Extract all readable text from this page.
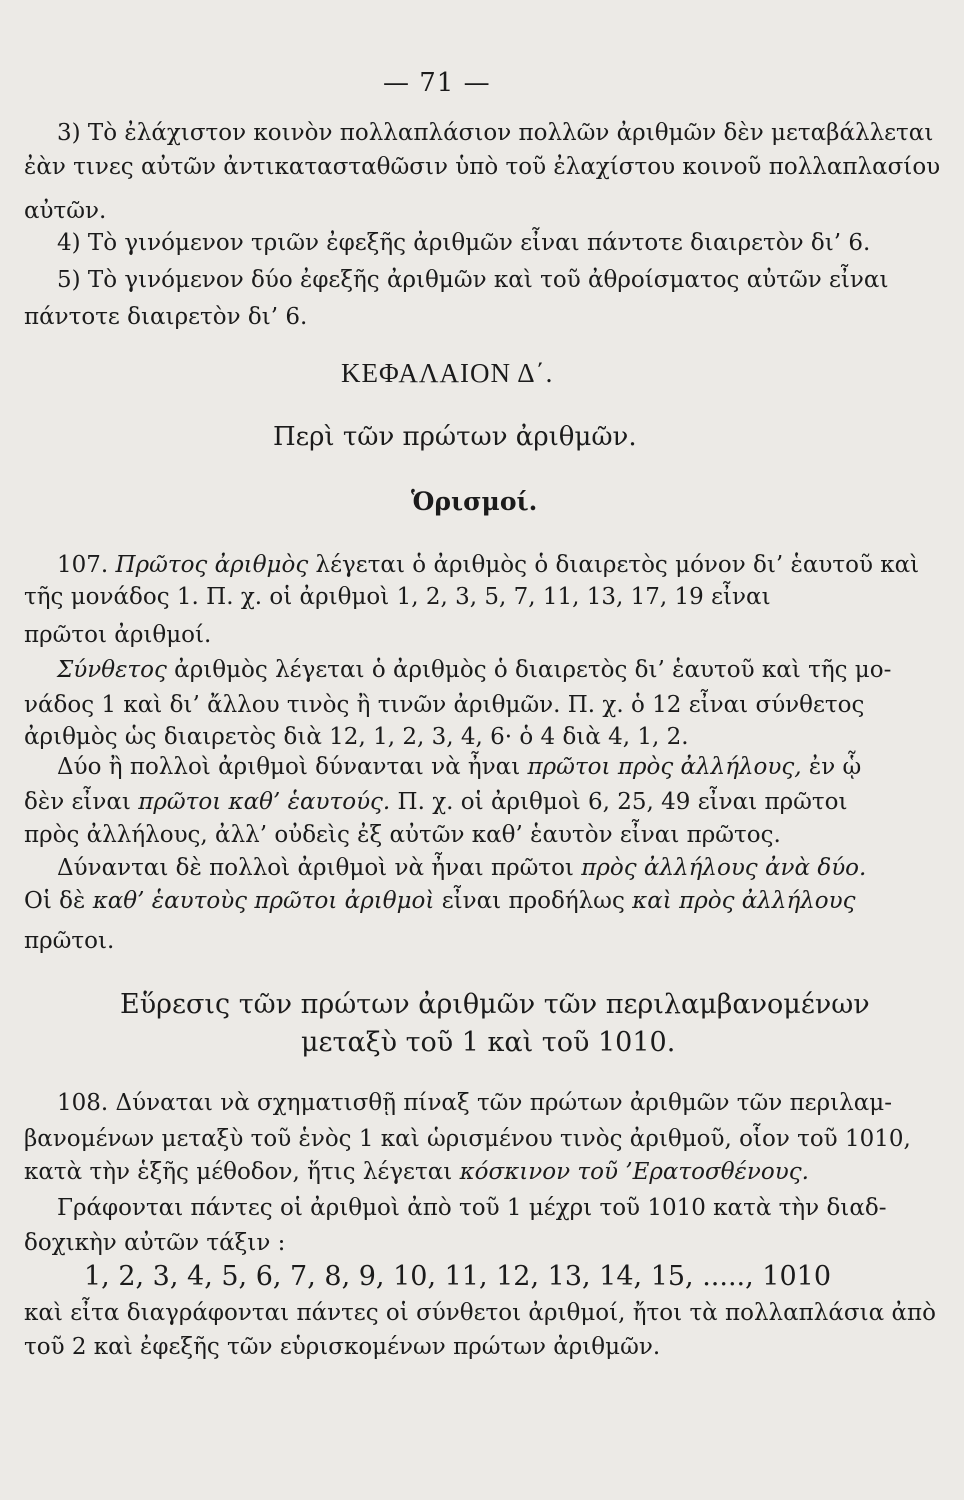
— 71 —
3) Τὸ ἐλάχιστον κοινὸν πολλαπλάσιον πολλῶν ἀριθμῶν δὲν μεταβάλλεται
ἐὰν τινες αὐτῶν ἀντικατασταθῶσιν ὑπὸ τοῦ ἐλαχίστου κοινοῦ πολλαπλασίου
αὐτῶν.
4) Τὸ γινόμενον τριῶν ἐφεξῆς ἀριθμῶν εἶναι πάντοτε διαιρετὸν δι’ 6.
5) Τὸ γινόμενον δύο ἐφεξῆς ἀριθμῶν καὶ τοῦ ἀθροίσματος αὐτῶν εἶναι
πάντοτε διαιρετὸν δι’ 6.
ΚΕΦΑΛΑΙΟΝ Δ΄.
Περὶ τῶν πρώτων ἀριθμῶν.
Ὁρισμοί.
107. Πρῶτος ἀριθμὸς λέγεται ὁ ἀριθμὸς ὁ διαιρετὸς μόνον δι’ ἑαυτοῦ καὶ
τῆς μονάδος 1. Π. χ. οἱ ἀριθμοὶ 1, 2, 3, 5, 7, 11, 13, 17, 19 εἶναι
πρῶτοι ἀριθμοί.
Σύνθετος ἀριθμὸς λέγεται ὁ ἀριθμὸς ὁ διαιρετὸς δι’ ἑαυτοῦ καὶ τῆς μο-
νάδος 1 καὶ δι’ ἄλλου τινὸς ἢ τινῶν ἀριθμῶν. Π. χ. ὁ 12 εἶναι σύνθετος
ἀριθμὸς ὡς διαιρετὸς διὰ 12, 1, 2, 3, 4, 6· ὁ 4 διὰ 4, 1, 2.
Δύο ἢ πολλοὶ ἀριθμοὶ δύνανται νὰ ἦναι πρῶτοι πρὸς ἀλλήλους, ἐν ᾧ
δὲν εἶναι πρῶτοι καθ’ ἑαυτούς. Π. χ. οἱ ἀριθμοὶ 6, 25, 49 εἶναι πρῶτοι
πρὸς ἀλλήλους, ἀλλ’ οὐδεὶς ἐξ αὐτῶν καθ’ ἑαυτὸν εἶναι πρῶτος.
Δύνανται δὲ πολλοὶ ἀριθμοὶ νὰ ἦναι πρῶτοι πρὸς ἀλλήλους ἀνὰ δύο.
Οἱ δὲ καθ’ ἑαυτοὺς πρῶτοι ἀριθμοὶ εἶναι προδήλως καὶ πρὸς ἀλλήλους
πρῶτοι.
Εὕρεσις τῶν πρώτων ἀριθμῶν τῶν περιλαμβανομένων
μεταξὺ τοῦ 1 καὶ τοῦ 1010.
108. Δύναται νὰ σχηματισθῇ πίναξ τῶν πρώτων ἀριθμῶν τῶν περιλαμ-
βανομένων μεταξὺ τοῦ ἑνὸς 1 καὶ ὡρισμένου τινὸς ἀριθμοῦ, οἷον τοῦ 1010,
κατὰ τὴν ἑξῆς μέθοδον, ἥτις λέγεται κόσκινον τοῦ ’Ερατοσθένους.
Γράφονται πάντες οἱ ἀριθμοὶ ἀπὸ τοῦ 1 μέχρι τοῦ 1010 κατὰ τὴν διαδ-
δοχικὴν αὐτῶν τάξιν :
1, 2, 3, 4, 5, 6, 7, 8, 9, 10, 11, 12, 13, 14, 15, ....., 1010
καὶ εἶτα διαγράφονται πάντες οἱ σύνθετοι ἀριθμοί, ἤτοι τὰ πολλαπλάσια ἀπὸ
τοῦ 2 καὶ ἐφεξῆς τῶν εὑρισκομένων πρώτων ἀριθμῶν.
